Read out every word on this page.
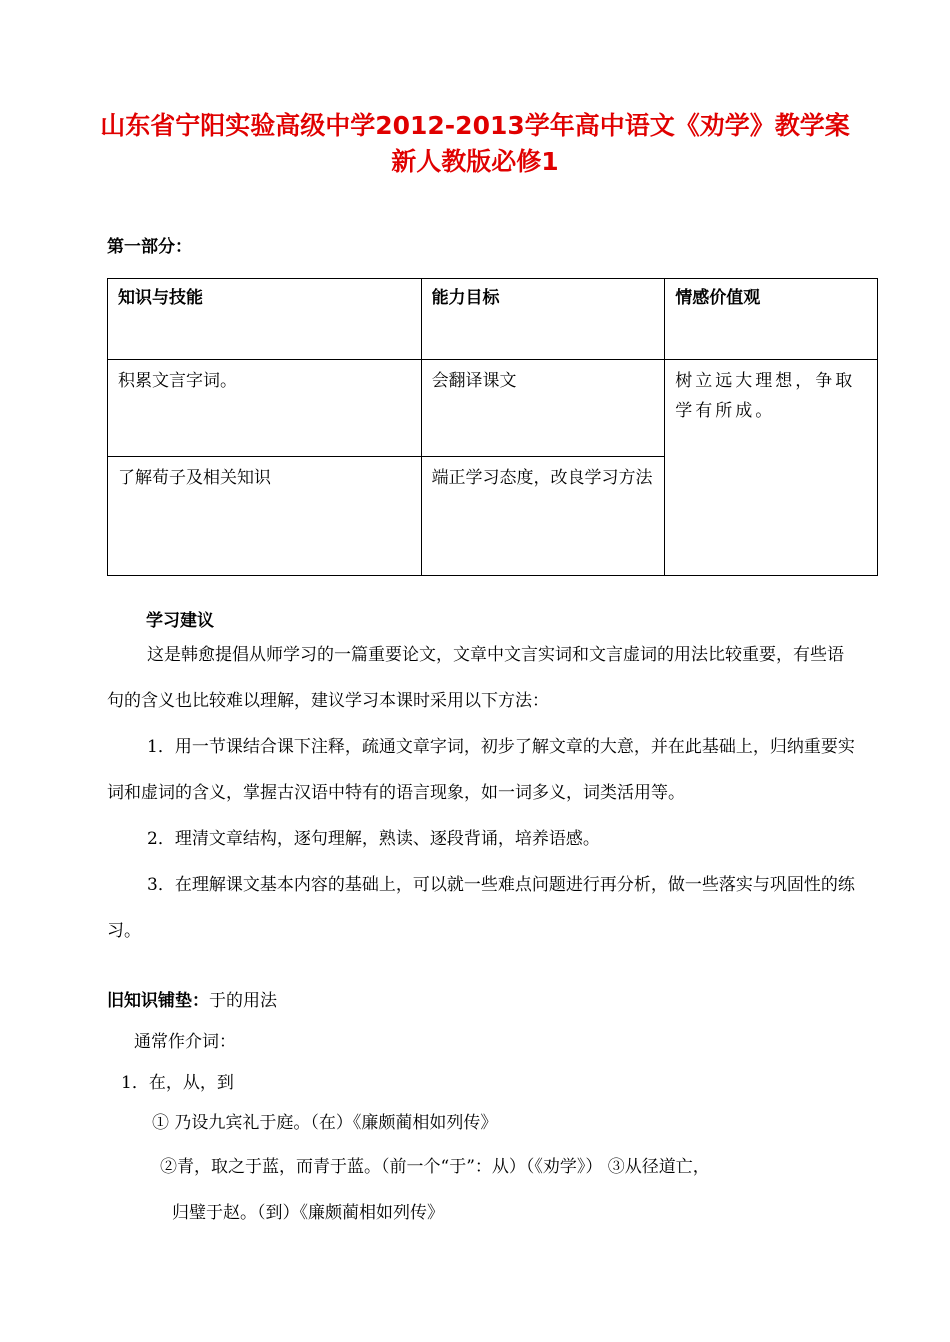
山东省宁阳实验高级中学2012-2013学年高中语文《劝学》教学案 新人教版必修1
第一部分：
知识与技能	能力目标	情感价值观
积累文言字词。	会翻译课文	树立远大理想，争取学有所成。
了解荀子及相关知识	端正学习态度，改良学习方法	
学习建议

这是韩愈提倡从师学习的一篇重要论文，文章中文言实词和文言虚词的用法比较重要，有些语句的含义也比较难以理解，建议学习本课时采用以下方法：

1．用一节课结合课下注释，疏通文章字词，初步了解文章的大意，并在此基础上，归纳重要实词和虚词的含义，掌握古汉语中特有的语言现象，如一词多义，词类活用等。

2．理清文章结构，逐句理解，熟读、逐段背诵，培养语感。

3．在理解课文基本内容的基础上，可以就一些难点问题进行再分析，做一些落实与巩固性的练习。

旧知识铺垫：于的用法
通常作介词：
1．在，从，到
① 乃设九宾礼于庭。（在）《廉颇蔺相如列传》
②青，取之于蓝，而青于蓝。（前一个“于”：从）（《劝学》） ③从径道亡，
归璧于赵。（到）《廉颇蔺相如列传》
